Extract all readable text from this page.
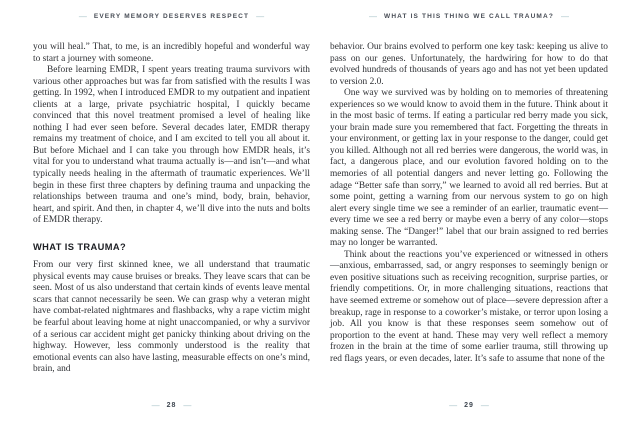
— EVERY MEMORY DESERVES RESPECT —

you will heal.” That, to me, is an incredibly hopeful and wonderful way to start a journey with someone.

Before learning EMDR, I spent years treating trauma survivors with various other approaches but was far from satisfied with the results I was getting. In 1992, when I introduced EMDR to my outpatient and inpatient clients at a large, private psychiatric hospital, I quickly became convinced that this novel treatment promised a level of healing like nothing I had ever seen before. Several decades later, EMDR therapy remains my treatment of choice, and I am excited to tell you all about it. But before Michael and I can take you through how EMDR heals, it’s vital for you to understand what trauma actually is—and isn’t—and what typically needs healing in the aftermath of traumatic experiences. We’ll begin in these first three chapters by defining trauma and unpacking the relationships between trauma and one’s mind, body, brain, behavior, heart, and spirit. And then, in chapter 4, we’ll dive into the nuts and bolts of EMDR therapy.

WHAT IS TRAUMA?

From our very first skinned knee, we all understand that traumatic physical events may cause bruises or breaks. They leave scars that can be seen. Most of us also understand that certain kinds of events leave mental scars that cannot necessarily be seen. We can grasp why a veteran might have combat-related nightmares and flashbacks, why a rape victim might be fearful about leaving home at night unaccompanied, or why a survivor of a serious car accident might get panicky thinking about driving on the highway. However, less commonly understood is the reality that emotional events can also have lasting, measurable effects on one’s mind, brain, and

— 28 —
— WHAT IS THIS THING WE CALL TRAUMA? —

behavior. Our brains evolved to perform one key task: keeping us alive to pass on our genes. Unfortunately, the hardwiring for how to do that evolved hundreds of thousands of years ago and has not yet been updated to version 2.0.

One way we survived was by holding on to memories of threatening experiences so we would know to avoid them in the future. Think about it in the most basic of terms. If eating a particular red berry made you sick, your brain made sure you remembered that fact. Forgetting the threats in your environment, or getting lax in your response to the danger, could get you killed. Although not all red berries were dangerous, the world was, in fact, a dangerous place, and our evolution favored holding on to the memories of all potential dangers and never letting go. Following the adage “Better safe than sorry,” we learned to avoid all red berries. But at some point, getting a warning from our nervous system to go on high alert every single time we see a reminder of an earlier, traumatic event—every time we see a red berry or maybe even a berry of any color—stops making sense. The “Danger!” label that our brain assigned to red berries may no longer be warranted.

Think about the reactions you’ve experienced or witnessed in others—anxious, embarrassed, sad, or angry responses to seemingly benign or even positive situations such as receiving recognition, surprise parties, or friendly competitions. Or, in more challenging situations, reactions that have seemed extreme or somehow out of place—severe depression after a breakup, rage in response to a coworker’s mistake, or terror upon losing a job. All you know is that these responses seem somehow out of proportion to the event at hand. These may very well reflect a memory frozen in the brain at the time of some earlier trauma, still throwing up red flags years, or even decades, later. It’s safe to assume that none of the

— 29 —
